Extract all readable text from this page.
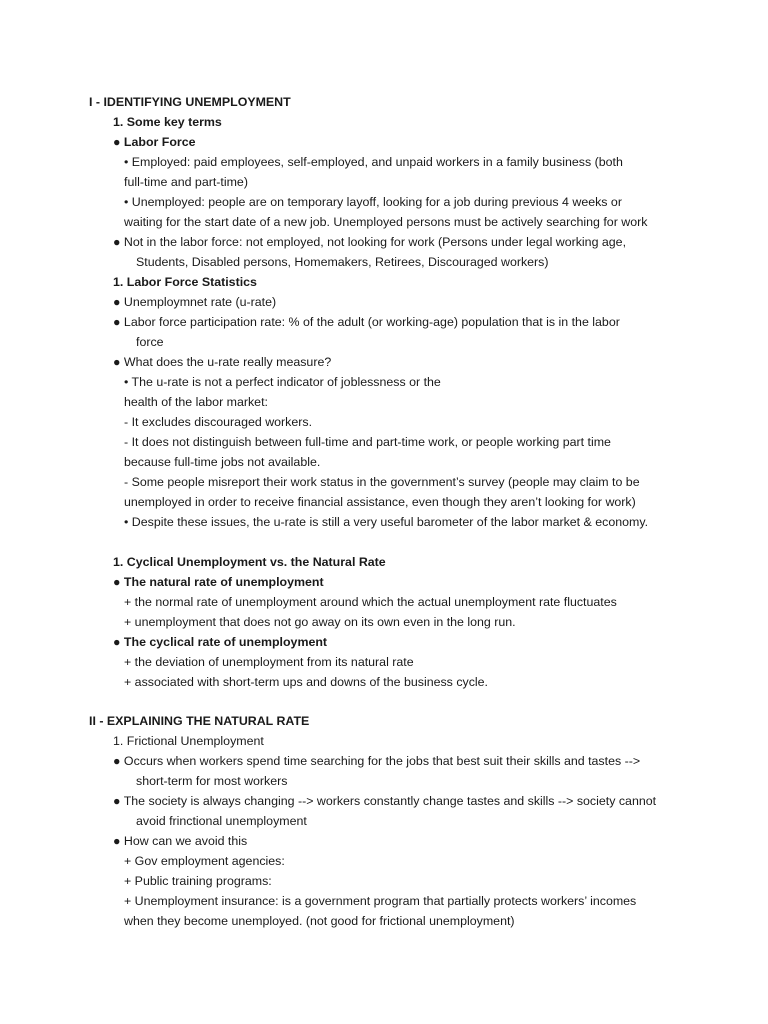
I - IDENTIFYING UNEMPLOYMENT
1. Some key terms
● Labor Force
• Employed: paid employees, self-employed, and unpaid workers in a family business (both
full-time and part-time)
• Unemployed: people are on temporary layoff, looking for a job during previous 4 weeks or
waiting for the start date of a new job. Unemployed persons must be actively searching for work
● Not in the labor force: not employed, not looking for work (Persons under legal working age,
Students, Disabled persons, Homemakers, Retirees, Discouraged workers)
1. Labor Force Statistics
● Unemploymnet rate (u-rate)
● Labor force participation rate: % of the adult (or working-age) population that is in the labor
force
● What does the u-rate really measure?
• The u-rate is not a perfect indicator of joblessness or the
health of the labor market:
- It excludes discouraged workers.
- It does not distinguish between full-time and part-time work, or people working part time
because full-time jobs not available.
- Some people misreport their work status in the government’s survey (people may claim to be
unemployed in order to receive financial assistance, even though they aren’t looking for work)
• Despite these issues, the u-rate is still a very useful barometer of the labor market & economy.
1. Cyclical Unemployment vs. the Natural Rate
● The natural rate of unemployment
+ the normal rate of unemployment around which the actual unemployment rate fluctuates
+ unemployment that does not go away on its own even in the long run.
● The cyclical rate of unemployment
+ the deviation of unemployment from its natural rate
+ associated with short-term ups and downs of the business cycle.
II - EXPLAINING THE NATURAL RATE
1. Frictional Unemployment
● Occurs when workers spend time searching for the jobs that best suit their skills and tastes -->
short-term for most workers
● The society is always changing --> workers constantly change tastes and skills --> society cannot
avoid frinctional unemployment
● How can we avoid this
+ Gov employment agencies:
+ Public training programs:
+ Unemployment insurance: is a government program that partially protects workers’ incomes
when they become unemployed. (not good for frictional unemployment)
